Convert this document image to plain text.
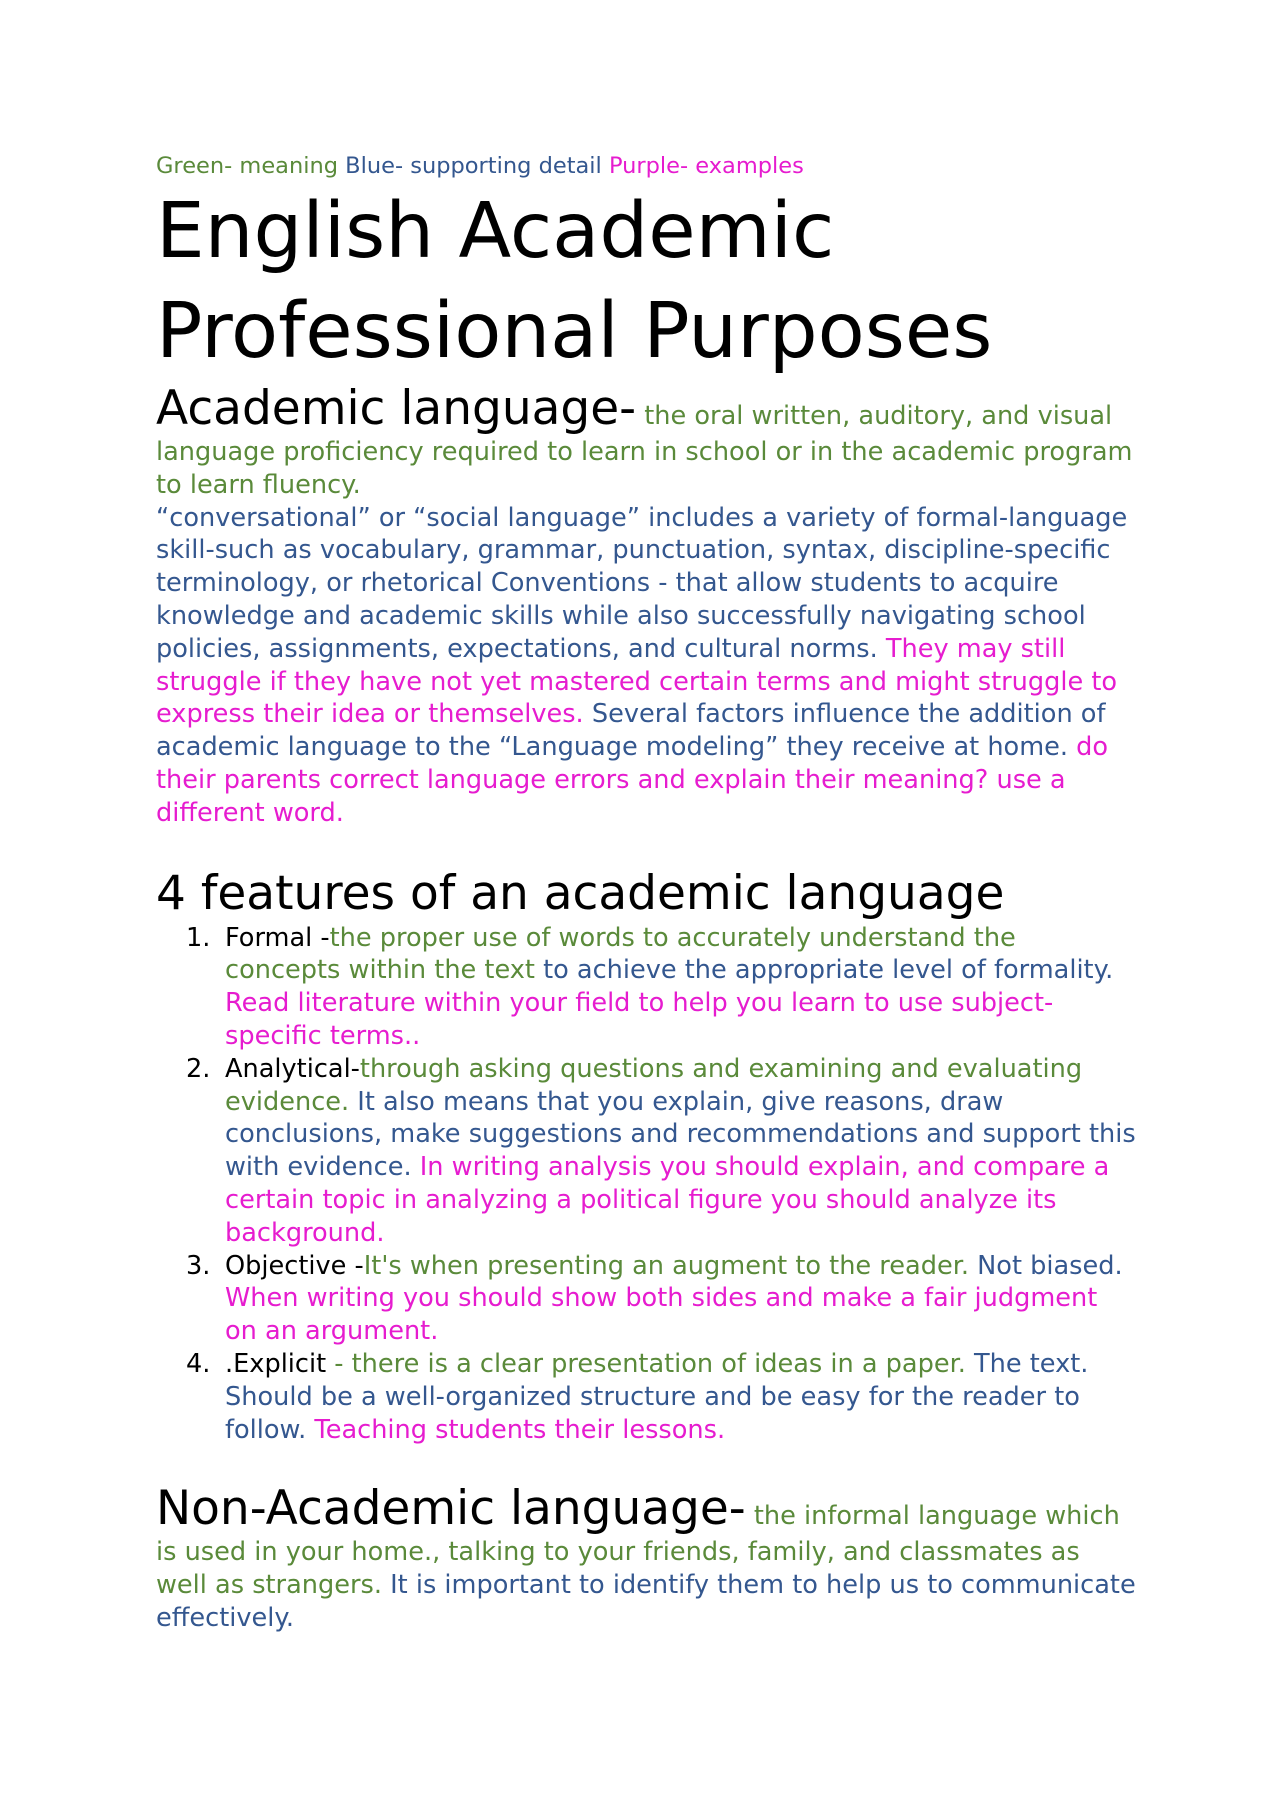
Green- meaning Blue- supporting detail Purple- examples

English Academic
Professional Purposes
Academic language- the oral written, auditory, and visual language proficiency required to learn in school or in the academic program to learn fluency.
“conversational” or “social language” includes a variety of formal-language skill-such as vocabulary, grammar, punctuation, syntax, discipline-specific terminology, or rhetorical Conventions - that allow students to acquire knowledge and academic skills while also successfully navigating school policies, assignments, expectations, and cultural norms. They may still struggle if they have not yet mastered certain terms and might struggle to express their idea or themselves. Several factors influence the addition of academic language to the “Language modeling” they receive at home. do their parents correct language errors and explain their meaning? use a different word.
4 features of an academic language
1. Formal -the proper use of words to accurately understand the concepts within the text to achieve the appropriate level of formality. Read literature within your field to help you learn to use subject-specific terms..
2. Analytical-through asking questions and examining and evaluating evidence. It also means that you explain, give reasons, draw conclusions, make suggestions and recommendations and support this with evidence. In writing analysis you should explain, and compare a certain topic in analyzing a political figure you should analyze its background.
3. Objective -It's when presenting an augment to the reader. Not biased. When writing you should show both sides and make a fair judgment on an argument.
4. .Explicit - there is a clear presentation of ideas in a paper. The text. Should be a well-organized structure and be easy for the reader to follow. Teaching students their lessons.
Non-Academic language- the informal language which is used in your home., talking to your friends, family, and classmates as well as strangers. It is important to identify them to help us to communicate effectively.
